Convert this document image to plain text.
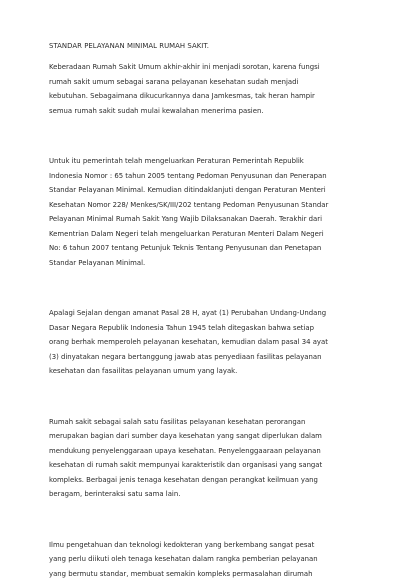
STANDAR PELAYANAN MINIMAL RUMAH SAKIT.
Keberadaan Rumah Sakit Umum akhir-akhir ini menjadi sorotan, karena fungsi
rumah sakit umum sebagai sarana pelayanan kesehatan sudah menjadi
kebutuhan. Sebagaimana dikucurkannya dana Jamkesmas, tak heran hampir
semua rumah sakit sudah mulai kewalahan menerima pasien.
Untuk itu pemerintah telah mengeluarkan Peraturan Pemerintah Republik
Indonesia Nomor : 65 tahun 2005 tentang Pedoman Penyusunan dan Penerapan
Standar Pelayanan Minimal. Kemudian ditindaklanjuti dengan Peraturan Menteri
Kesehatan Nomor 228/ Menkes/SK/III/202 tentang Pedoman Penyusunan Standar
Pelayanan Minimal Rumah Sakit Yang Wajib Dilaksanakan Daerah. Terakhir dari
Kementrian Dalam Negeri telah mengeluarkan Peraturan Menteri Dalam Negeri
No: 6 tahun 2007 tentang Petunjuk Teknis Tentang Penyusunan dan Penetapan
Standar Pelayanan Minimal.
Apalagi Sejalan dengan amanat Pasal 28 H, ayat (1) Perubahan Undang-Undang
Dasar Negara Republik Indonesia Tahun 1945 telah ditegaskan bahwa setiap
orang berhak memperoleh pelayanan kesehatan, kemudian dalam pasal 34 ayat
(3) dinyatakan negara bertanggung jawab atas penyediaan fasilitas pelayanan
kesehatan dan fasailitas pelayanan umum yang layak.
Rumah sakit sebagai salah satu fasilitas pelayanan kesehatan perorangan
merupakan bagian dari sumber daya kesehatan yang sangat diperlukan dalam
mendukung penyelenggaraan upaya kesehatan. Penyelenggaaraan pelayanan
kesehatan di rumah sakit mempunyai karakteristik dan organisasi yang sangat
kompleks. Berbagai jenis tenaga kesehatan dengan perangkat keilmuan yang
beragam, berinteraksi satu sama lain.
Ilmu pengetahuan dan teknologi kedokteran yang berkembang sangat pesat
yang perlu diikuti oleh tenaga kesehatan dalam rangka pemberian pelayanan
yang bermutu standar, membuat semakin kompleks permasalahan dirumah
